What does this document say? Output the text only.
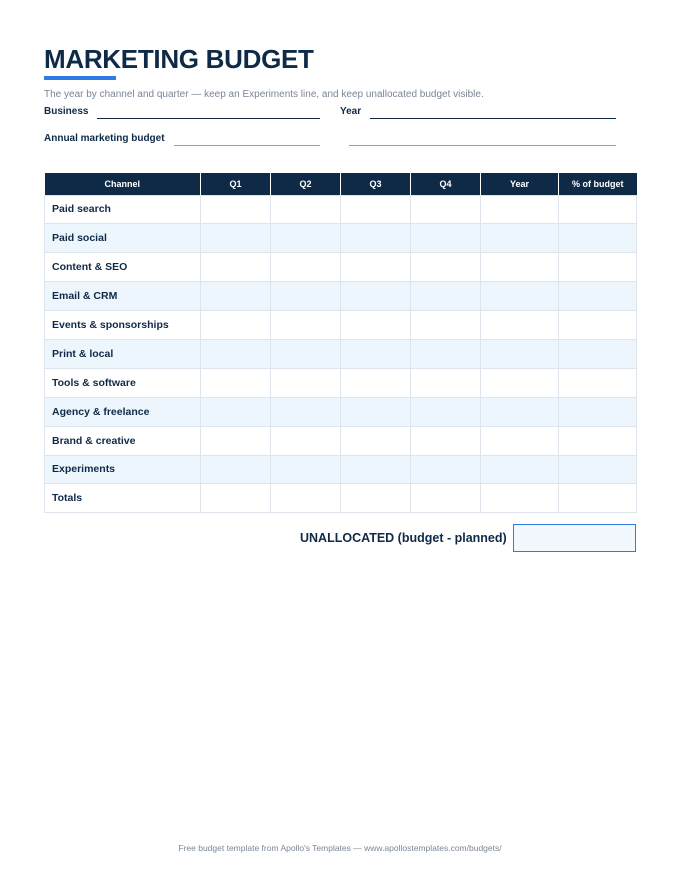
MARKETING BUDGET
The year by channel and quarter — keep an Experiments line, and keep unallocated budget visible.
Business	Year
Annual marketing budget
Channel	Q1	Q2	Q3	Q4	Year	% of budget
Paid search						
Paid social						
Content & SEO						
Email & CRM						
Events & sponsorships						
Print & local						
Tools & software						
Agency & freelance						
Brand & creative						
Experiments						
Totals						
UNALLOCATED (budget - planned)
Free budget template from Apollo's Templates — www.apollostemplates.com/budgets/
